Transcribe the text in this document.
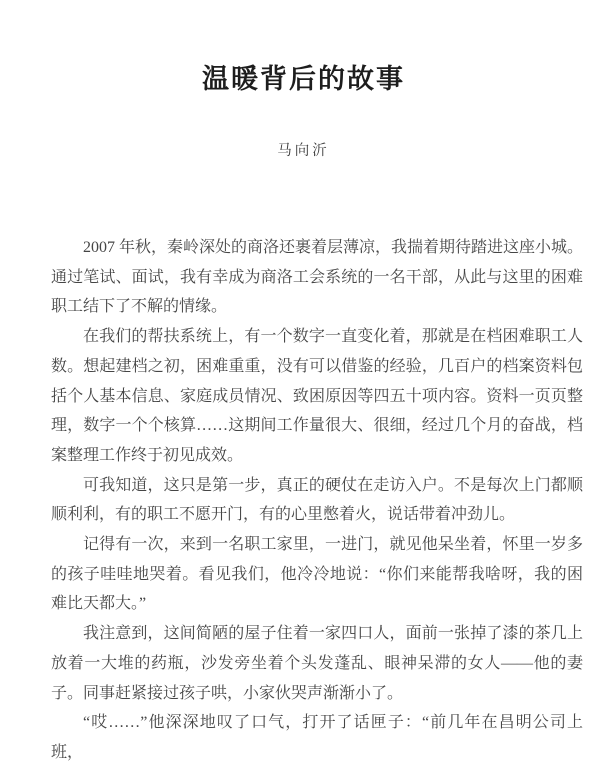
温暖背后的故事
马向沂

2007 年秋，秦岭深处的商洛还裹着层薄凉，我揣着期待踏进这座小城。通过笔试、面试，我有幸成为商洛工会系统的一名干部，从此与这里的困难职工结下了不解的情缘。

在我们的帮扶系统上，有一个数字一直变化着，那就是在档困难职工人数。想起建档之初，困难重重，没有可以借鉴的经验，几百户的档案资料包括个人基本信息、家庭成员情况、致困原因等四五十项内容。资料一页页整理，数字一个个核算……这期间工作量很大、很细，经过几个月的奋战，档案整理工作终于初见成效。

可我知道，这只是第一步，真正的硬仗在走访入户。不是每次上门都顺顺利利，有的职工不愿开门，有的心里憋着火，说话带着冲劲儿。

记得有一次，来到一名职工家里，一进门，就见他呆坐着，怀里一岁多的孩子哇哇地哭着。看见我们，他冷冷地说：“你们来能帮我啥呀，我的困难比天都大。”

我注意到，这间简陋的屋子住着一家四口人，面前一张掉了漆的茶几上放着一大堆的药瓶，沙发旁坐着个头发蓬乱、眼神呆滞的女人——他的妻子。同事赶紧接过孩子哄，小家伙哭声渐渐小了。

“哎……”他深深地叹了口气，打开了话匣子：“前几年在昌明公司上班，
